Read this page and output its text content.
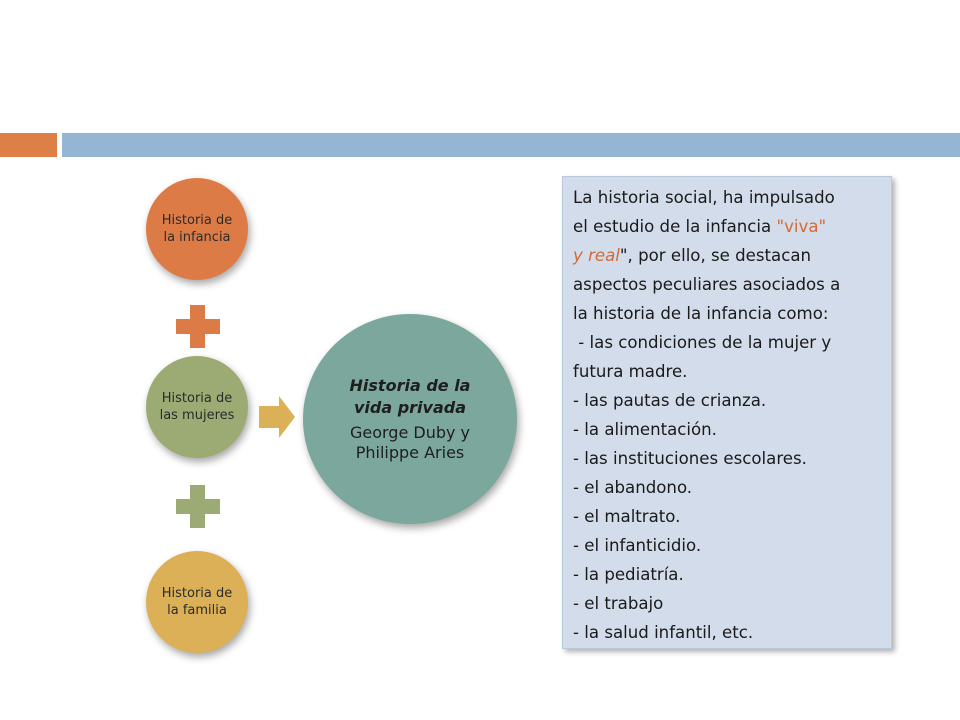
Historia de la infancia
Historia de las mujeres
Historia de la familia
Historia de la vida privada
George Duby y Philippe Aries
La historia social, ha impulsado
el estudio de la infancia "viva"
y real", por ello, se destacan
aspectos peculiares asociados a
la historia de la infancia como:
- las condiciones de la mujer y
futura madre.
- las pautas de crianza.
- la alimentación.
- las instituciones escolares.
- el abandono.
- el maltrato.
- el infanticidio.
- la pediatría.
- el trabajo
- la salud infantil, etc.
